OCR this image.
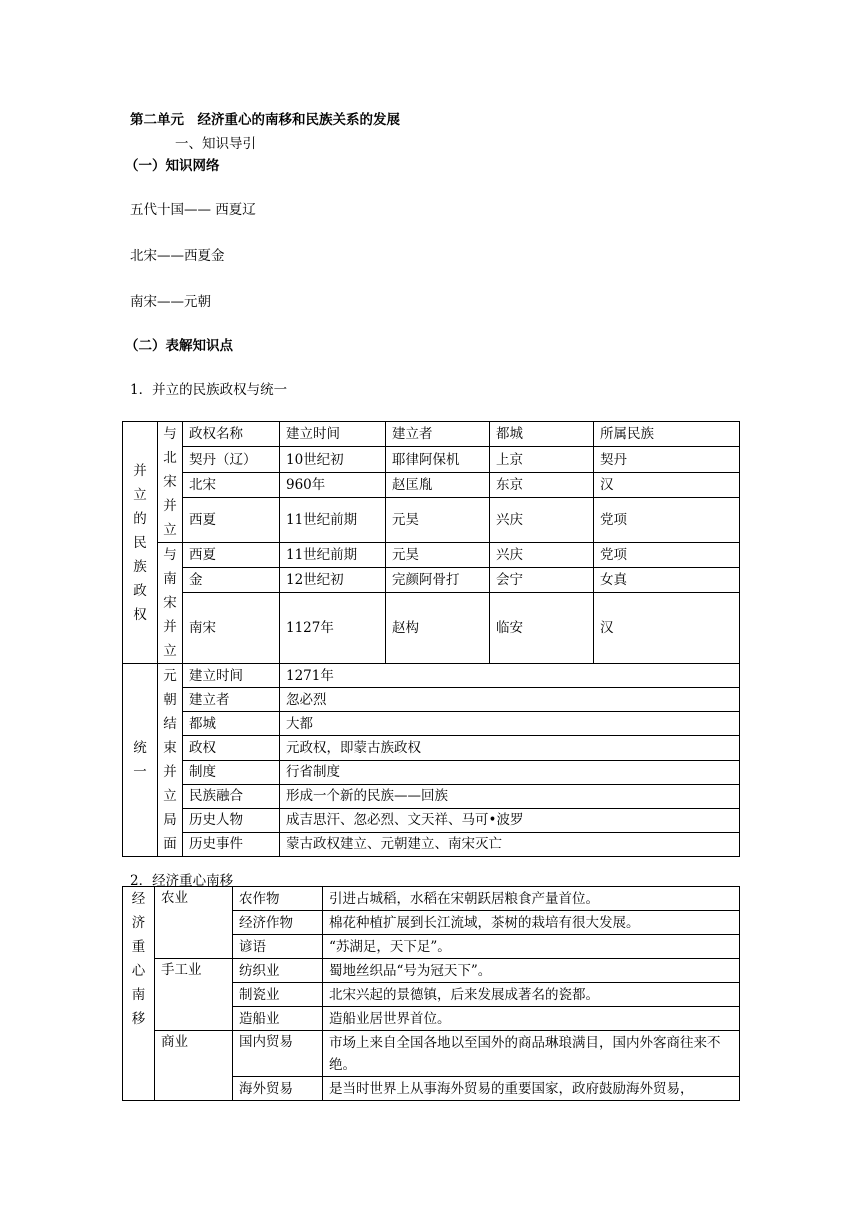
第二单元　经济重心的南移和民族关系的发展
一、知识导引
（一）知识网络
五代十国—— 西夏辽
北宋——西夏金
南宋——元朝
（二）表解知识点
1．并立的民族政权与统一
并立的民族政权	与北宋并立	政权名称	建立时间	建立者	都城	所属民族
		契丹（辽）	10世纪初	耶律阿保机	上京	契丹
		北宋	960年	赵匡胤	东京	汉
		西夏	11世纪前期	元昊	兴庆	党项
	与南宋并立	西夏	11世纪前期	元昊	兴庆	党项
		金	12世纪初	完颜阿骨打	会宁	女真
		南宋	1127年	赵构	临安	汉

统一	元朝结束并立局面	建立时间	1271年			
		建立者	忽必烈			
		都城	大都			
		政权	元政权，即蒙古族政权			
		制度	行省制度			
		民族融合	形成一个新的民族——回族			
		历史人物	成吉思汗、忽必烈、文天祥、马可•波罗			
		历史事件	蒙古政权建立、元朝建立、南宋灭亡			
2．经济重心南移
经济重心南移	农业	农作物	引进占城稻，水稻在宋朝跃居粮食产量首位。
		经济作物	棉花种植扩展到长江流域，茶树的栽培有很大发展。
		谚语	“苏湖足，天下足”。
	手工业	纺织业	蜀地丝织品“号为冠天下”。
		制瓷业	北宋兴起的景德镇，后来发展成著名的瓷都。
		造船业	造船业居世界首位。
	商业	国内贸易	市场上来自全国各地以至国外的商品琳琅满目，国内外客商往来不绝。
		海外贸易	是当时世界上从事海外贸易的重要国家，政府鼓励海外贸易，
